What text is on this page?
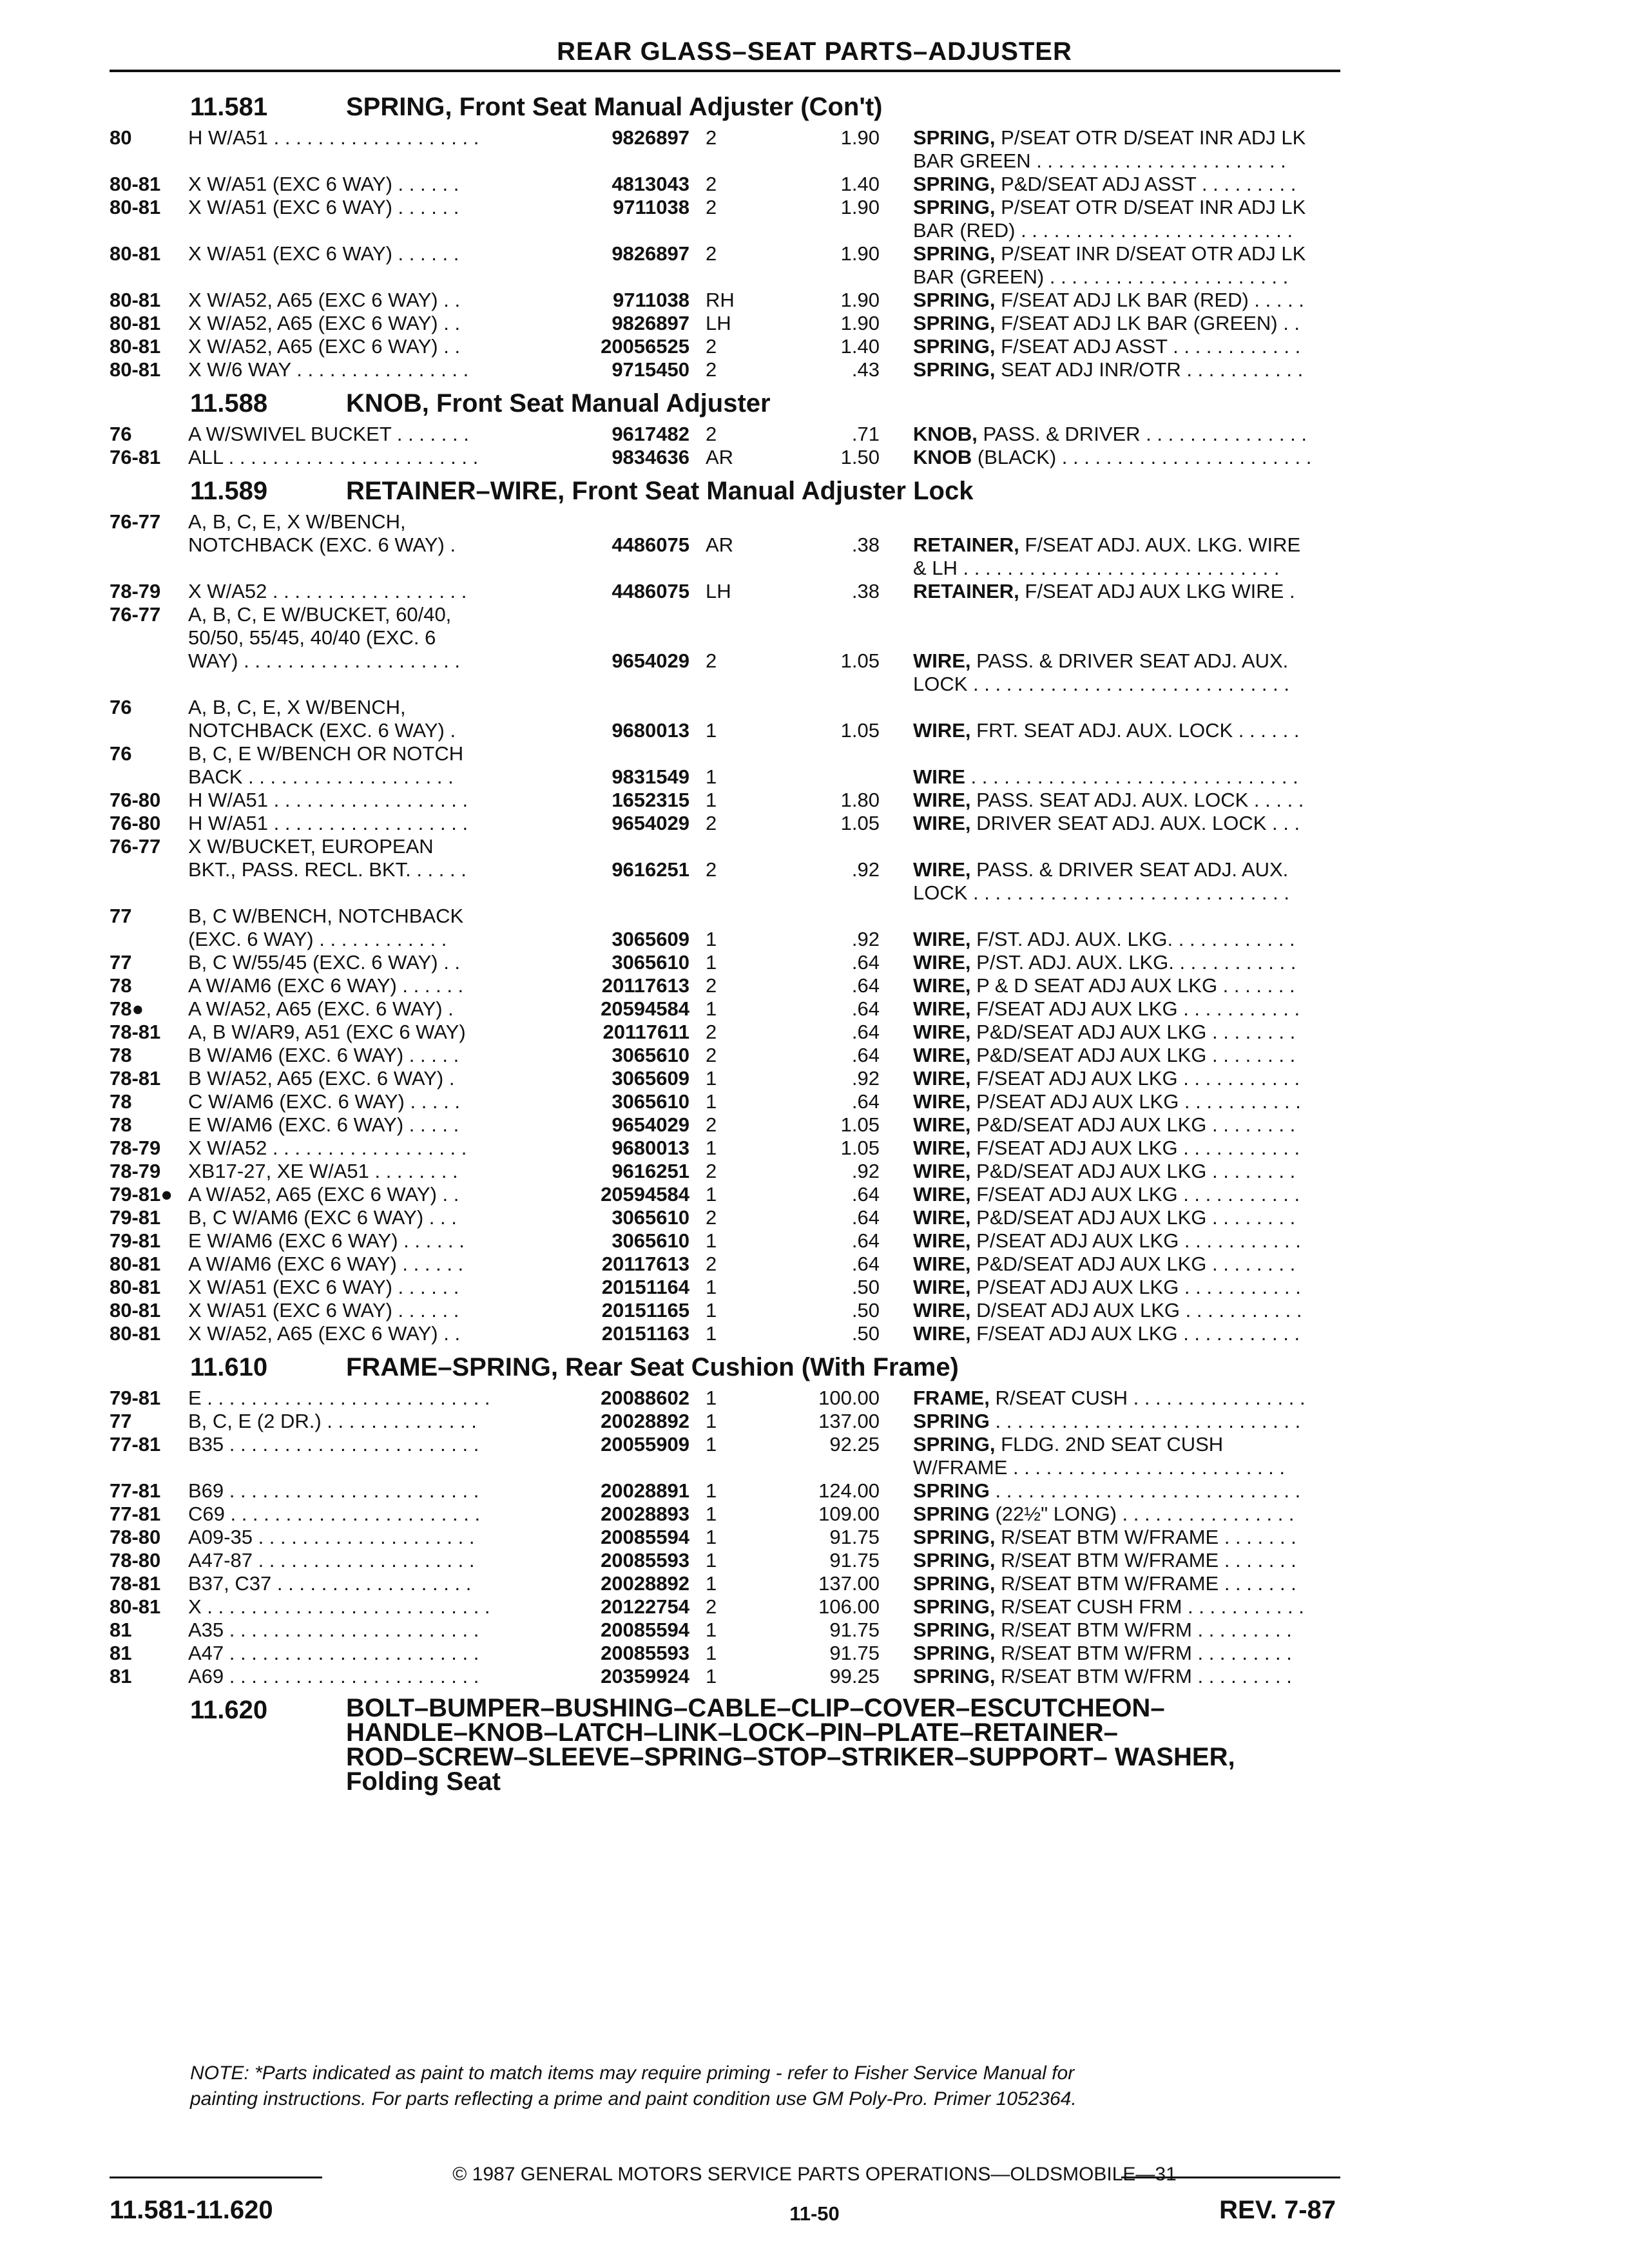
REAR GLASS–SEAT PARTS–ADJUSTER
11.581	SPRING, Front Seat Manual Adjuster (Con't)
80	H W/A51 . . . . . . . . . . . . . . . . . . .	9826897 2	1.90 SPRING, P/SEAT OTR D/SEAT INR ADJ LK
BAR GREEN . . . . . . . . . . . . . . . . . . . . . . .
80-81 X W/A51 (EXC 6 WAY) . . . . . .	4813043 2	1.40 SPRING, P&D/SEAT ADJ ASST . . . . . . . . .
80-81 X W/A51 (EXC 6 WAY) . . . . . .	9711038 2	1.90 SPRING, P/SEAT OTR D/SEAT INR ADJ LK
BAR (RED) . . . . . . . . . . . . . . . . . . . . . . . . .
80-81 X W/A51 (EXC 6 WAY) . . . . . .	9826897 2	1.90 SPRING, P/SEAT INR D/SEAT OTR ADJ LK
BAR (GREEN) . . . . . . . . . . . . . . . . . . . . . .
80-81 X W/A52, A65 (EXC 6 WAY) . .	9711038 RH	1.90 SPRING, F/SEAT ADJ LK BAR (RED) . . . . .
80-81 X W/A52, A65 (EXC 6 WAY) . .	9826897 LH	1.90 SPRING, F/SEAT ADJ LK BAR (GREEN) . .
80-81 X W/A52, A65 (EXC 6 WAY) . .	20056525 2	1.40 SPRING, F/SEAT ADJ ASST . . . . . . . . . . . .
80-81 X W/6 WAY . . . . . . . . . . . . . . . .	9715450 2	.43 SPRING, SEAT ADJ INR/OTR . . . . . . . . . . .
11.588	KNOB, Front Seat Manual Adjuster
76	A W/SWIVEL BUCKET . . . . . . .	9617482 2	.71 KNOB, PASS. & DRIVER . . . . . . . . . . . . . . .
76-81 ALL . . . . . . . . . . . . . . . . . . . . . . .	9834636 AR	1.50 KNOB (BLACK) . . . . . . . . . . . . . . . . . . . . . . .
11.589	RETAINER–WIRE, Front Seat Manual Adjuster Lock
76-77 A, B, C, E, X W/BENCH,
NOTCHBACK (EXC. 6 WAY) .	4486075 AR	.38 RETAINER, F/SEAT ADJ. AUX. LKG. WIRE
& LH . . . . . . . . . . . . . . . . . . . . . . . . . . . . .
78-79 X W/A52 . . . . . . . . . . . . . . . . . .	4486075 LH	.38 RETAINER, F/SEAT ADJ AUX LKG WIRE .
76-77 A, B, C, E W/BUCKET, 60/40,
50/50, 55/45, 40/40 (EXC. 6
WAY) . . . . . . . . . . . . . . . . . . . .	9654029 2	1.05 WIRE, PASS. & DRIVER SEAT ADJ. AUX.
LOCK . . . . . . . . . . . . . . . . . . . . . . . . . . . . .
76	A, B, C, E, X W/BENCH,
NOTCHBACK (EXC. 6 WAY) .	9680013 1	1.05 WIRE, FRT. SEAT ADJ. AUX. LOCK . . . . . .
76	B, C, E W/BENCH OR NOTCH
BACK . . . . . . . . . . . . . . . . . . .	9831549 1	WIRE . . . . . . . . . . . . . . . . . . . . . . . . . . . . . .
76-80 H W/A51 . . . . . . . . . . . . . . . . . .	1652315 1	1.80 WIRE, PASS. SEAT ADJ. AUX. LOCK . . . . .
76-80 H W/A51 . . . . . . . . . . . . . . . . . .	9654029 2	1.05 WIRE, DRIVER SEAT ADJ. AUX. LOCK . . .
76-77 X W/BUCKET, EUROPEAN
BKT., PASS. RECL. BKT. . . . . .	9616251 2	.92 WIRE, PASS. & DRIVER SEAT ADJ. AUX.
LOCK . . . . . . . . . . . . . . . . . . . . . . . . . . . . .
77	B, C W/BENCH, NOTCHBACK
(EXC. 6 WAY) . . . . . . . . . . . .	3065609 1	.92 WIRE, F/ST. ADJ. AUX. LKG. . . . . . . . . . . .
77	B, C W/55/45 (EXC. 6 WAY) . .	3065610 1	.64 WIRE, P/ST. ADJ. AUX. LKG. . . . . . . . . . . .
78	A W/AM6 (EXC 6 WAY) . . . . . .	20117613 2	.64 WIRE, P & D SEAT ADJ AUX LKG . . . . . . .
78● A W/A52, A65 (EXC. 6 WAY) .	20594584 1	.64 WIRE, F/SEAT ADJ AUX LKG . . . . . . . . . . .
78-81 A, B W/AR9, A51 (EXC 6 WAY)	20117611 2	.64 WIRE, P&D/SEAT ADJ AUX LKG . . . . . . . .
78	B W/AM6 (EXC. 6 WAY) . . . . .	3065610 2	.64 WIRE, P&D/SEAT ADJ AUX LKG . . . . . . . .
78-81 B W/A52, A65 (EXC. 6 WAY) .	3065609 1	.92 WIRE, F/SEAT ADJ AUX LKG . . . . . . . . . . .
78	C W/AM6 (EXC. 6 WAY) . . . . .	3065610 1	.64 WIRE, P/SEAT ADJ AUX LKG . . . . . . . . . . .
78	E W/AM6 (EXC. 6 WAY) . . . . .	9654029 2	1.05 WIRE, P&D/SEAT ADJ AUX LKG . . . . . . . .
78-79 X W/A52 . . . . . . . . . . . . . . . . . .	9680013 1	1.05 WIRE, F/SEAT ADJ AUX LKG . . . . . . . . . . .
78-79 XB17-27, XE W/A51 . . . . . . . .	9616251 2	.92 WIRE, P&D/SEAT ADJ AUX LKG . . . . . . . .
79-81● A W/A52, A65 (EXC 6 WAY) . .	20594584 1	.64 WIRE, F/SEAT ADJ AUX LKG . . . . . . . . . . .
79-81 B, C W/AM6 (EXC 6 WAY) . . .	3065610 2	.64 WIRE, P&D/SEAT ADJ AUX LKG . . . . . . . .
79-81 E W/AM6 (EXC 6 WAY) . . . . . .	3065610 1	.64 WIRE, P/SEAT ADJ AUX LKG . . . . . . . . . . .
80-81 A W/AM6 (EXC 6 WAY) . . . . . .	20117613 2	.64 WIRE, P&D/SEAT ADJ AUX LKG . . . . . . . .
80-81 X W/A51 (EXC 6 WAY) . . . . . .	20151164 1	.50 WIRE, P/SEAT ADJ AUX LKG . . . . . . . . . . .
80-81 X W/A51 (EXC 6 WAY) . . . . . .	20151165 1	.50 WIRE, D/SEAT ADJ AUX LKG . . . . . . . . . . .
80-81 X W/A52, A65 (EXC 6 WAY) . .	20151163 1	.50 WIRE, F/SEAT ADJ AUX LKG . . . . . . . . . . .
11.610	FRAME–SPRING, Rear Seat Cushion (With Frame)
79-81 E . . . . . . . . . . . . . . . . . . . . . . . . . .	20088602 1	100.00 FRAME, R/SEAT CUSH . . . . . . . . . . . . . . . .
77	B, C, E (2 DR.) . . . . . . . . . . . . . .	20028892 1	137.00 SPRING . . . . . . . . . . . . . . . . . . . . . . . . . . . .
77-81 B35 . . . . . . . . . . . . . . . . . . . . . . .	20055909 1	92.25 SPRING, FLDG. 2ND SEAT CUSH
W/FRAME . . . . . . . . . . . . . . . . . . . . . . . . .
77-81 B69 . . . . . . . . . . . . . . . . . . . . . . .	20028891 1	124.00 SPRING . . . . . . . . . . . . . . . . . . . . . . . . . . . .
77-81 C69 . . . . . . . . . . . . . . . . . . . . . . .	20028893 1	109.00 SPRING (22½" LONG) . . . . . . . . . . . . . . . .
78-80 A09-35 . . . . . . . . . . . . . . . . . . . .	20085594 1	91.75 SPRING, R/SEAT BTM W/FRAME . . . . . . .
78-80 A47-87 . . . . . . . . . . . . . . . . . . . .	20085593 1	91.75 SPRING, R/SEAT BTM W/FRAME . . . . . . .
78-81 B37, C37 . . . . . . . . . . . . . . . . . .	20028892 1	137.00 SPRING, R/SEAT BTM W/FRAME . . . . . . .
80-81 X . . . . . . . . . . . . . . . . . . . . . . . . . .	20122754 2	106.00 SPRING, R/SEAT CUSH FRM . . . . . . . . . . .
81	A35 . . . . . . . . . . . . . . . . . . . . . . .	20085594 1	91.75 SPRING, R/SEAT BTM W/FRM . . . . . . . . .
81	A47 . . . . . . . . . . . . . . . . . . . . . . .	20085593 1	91.75 SPRING, R/SEAT BTM W/FRM . . . . . . . . .
81	A69 . . . . . . . . . . . . . . . . . . . . . . .	20359924 1	99.25 SPRING, R/SEAT BTM W/FRM . . . . . . . . .
11.620	BOLT–BUMPER–BUSHING–CABLE–CLIP–COVER–ESCUTCHEON–
HANDLE–KNOB–LATCH–LINK–LOCK–PIN–PLATE–RETAINER–
ROD–SCREW–SLEEVE–SPRING–STOP–STRIKER–SUPPORT– WASHER,
Folding Seat
NOTE: *Parts indicated as paint to match items may require priming - refer to Fisher Service Manual for
painting instructions. For parts reflecting a prime and paint condition use GM Poly-Pro. Primer 1052364.
© 1987 GENERAL MOTORS SERVICE PARTS OPERATIONS—OLDSMOBILE—31
11.581-11.620	11-50	REV. 7-87
